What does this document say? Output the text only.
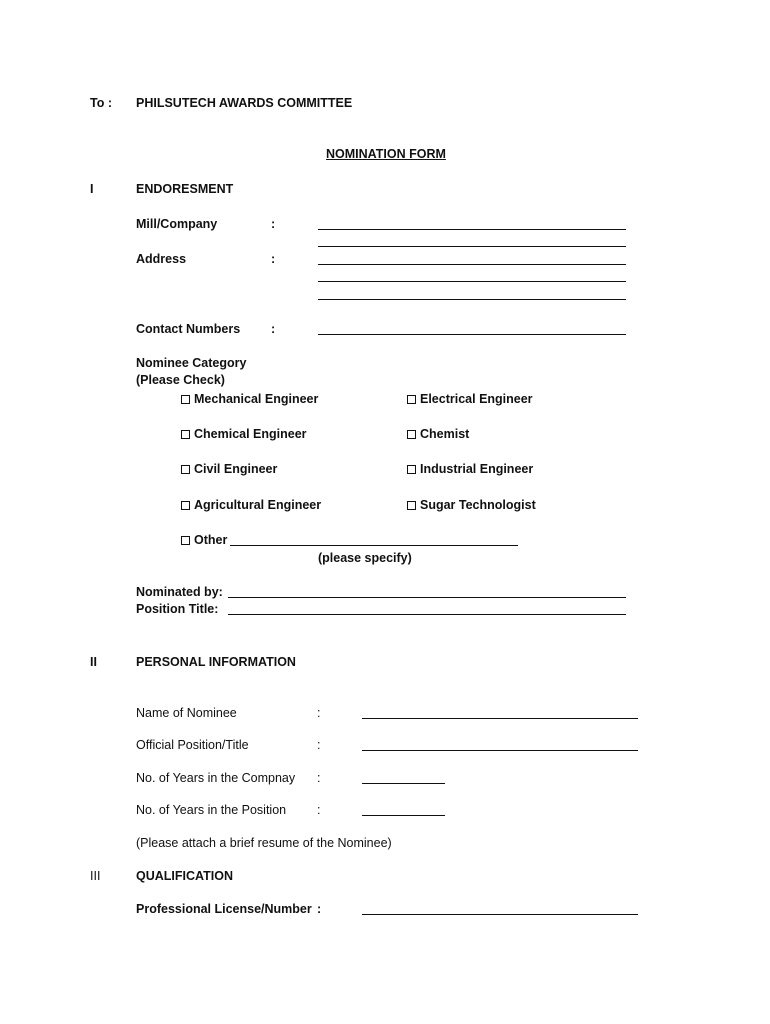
To : PHILSUTECH AWARDS COMMITTEE
NOMINATION FORM
I	ENDORESMENT
Mill/Company	:
Address	:
Contact Numbers :
Nominee Category
(Please Check)
Mechanical Engineer	Electrical Engineer
Chemical Engineer	Chemist
Civil Engineer	Industrial Engineer
Agricultural Engineer	Sugar Technologist
Other
(please specify)
Nominated by:
Position Title:
II	PERSONAL INFORMATION
Name of Nominee	:
Official Position/Title	:
No. of Years in the Compnay :
No. of Years in the Position :
(Please attach a brief resume of the Nominee)
III	QUALIFICATION
Professional License/Number :
